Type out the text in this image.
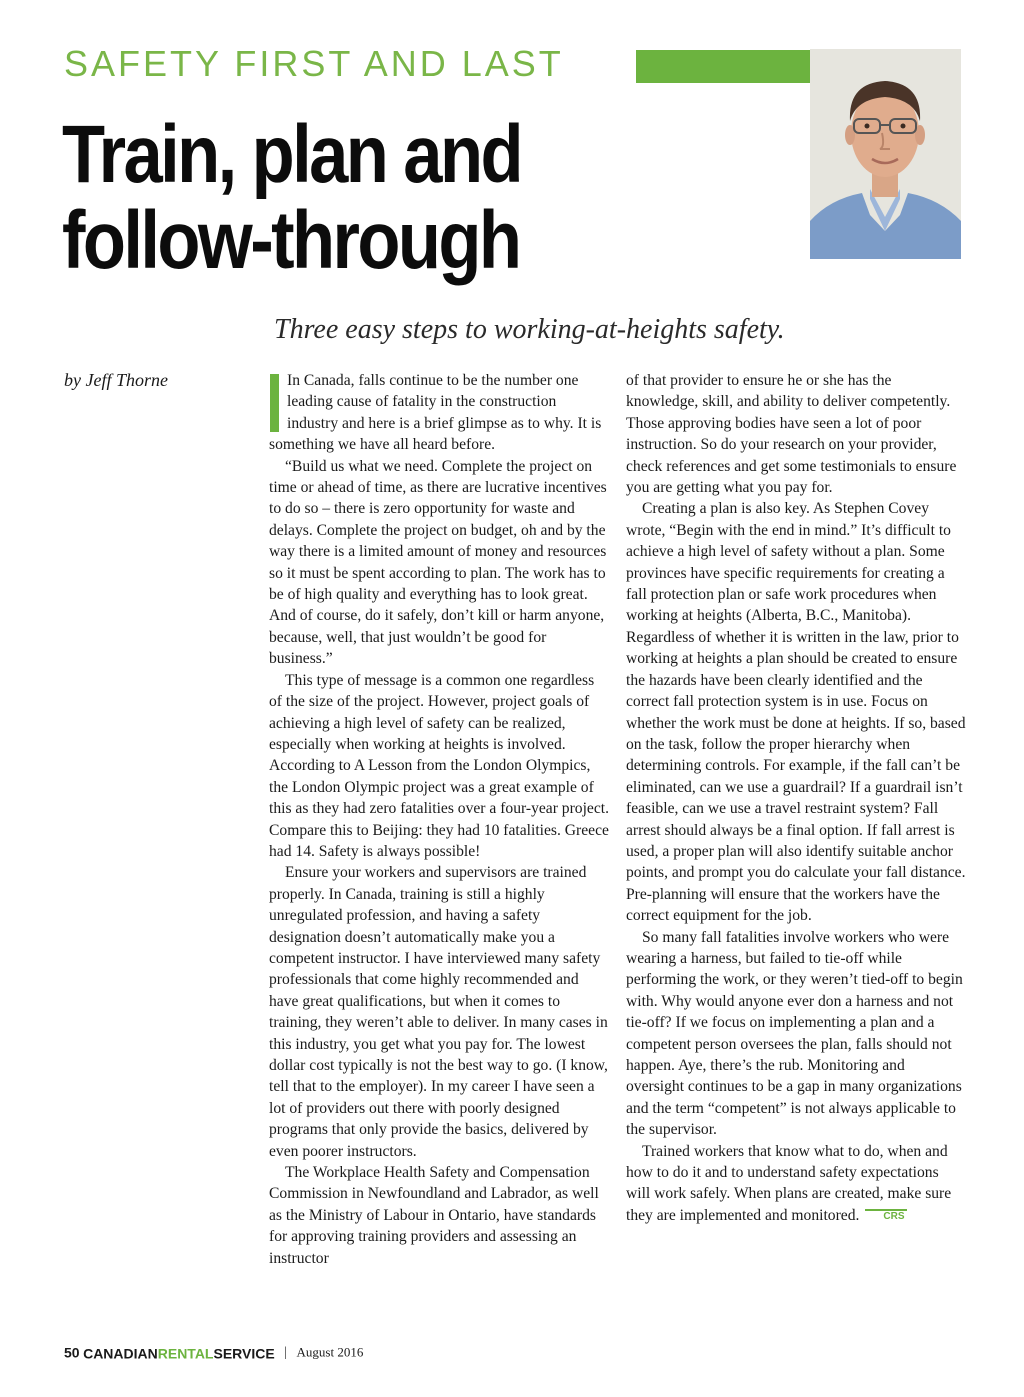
SAFETY FIRST AND LAST
Train, plan and
follow-through
Three easy steps to working-at-heights safety.
by Jeff Thorne	In Canada, falls continue to be the number one leading cause of fatality in the construction industry and here is a brief glimpse as to why. It is something we have all heard before.

“Build us what we need. Complete the project on time or ahead of time, as there are lucrative incentives to do so – there is zero opportunity for waste and delays. Complete the project on budget, oh and by the way there is a limited amount of money and resources so it must be spent according to plan. The work has to be of high quality and everything has to look great. And of course, do it safely, don’t kill or harm anyone, because, well, that just wouldn’t be good for business.”

This type of message is a common one regardless of the size of the project. However, project goals of achieving a high level of safety can be realized, especially when working at heights is involved. According to A Lesson from the London Olympics, the London Olympic project was a great example of this as they had zero fatalities over a four-year project. Compare this to Beijing: they had 10 fatalities. Greece had 14. Safety is always possible!

Ensure your workers and supervisors are trained properly. In Canada, training is still a highly unregulated profession, and having a safety designation doesn’t automatically make you a competent instructor. I have interviewed many safety professionals that come highly recommended and have great qualifications, but when it comes to training, they weren’t able to deliver. In many cases in this industry, you get what you pay for. The lowest dollar cost typically is not the best way to go. (I know, tell that to the employer). In my career I have seen a lot of providers out there with poorly designed programs that only provide the basics, delivered by even poorer instructors.

The Workplace Health Safety and Compensation Commission in Newfoundland and Labrador, as well as the Ministry of Labour in Ontario, have standards for approving training providers and assessing an instructor

of that provider to ensure he or she has the knowledge, skill, and ability to deliver competently. Those approving bodies have seen a lot of poor instruction. So do your research on your provider, check references and get some testimonials to ensure you are getting what you pay for.

Creating a plan is also key. As Stephen Covey wrote, “Begin with the end in mind.” It’s difficult to achieve a high level of safety without a plan. Some provinces have specific requirements for creating a fall protection plan or safe work procedures when working at heights (Alberta, B.C., Manitoba). Regardless of whether it is written in the law, prior to working at heights a plan should be created to ensure the hazards have been clearly identified and the correct fall protection system is in use. Focus on whether the work must be done at heights. If so, based on the task, follow the proper hierarchy when determining controls. For example, if the fall can’t be eliminated, can we use a guardrail? If a guardrail isn’t feasible, can we use a travel restraint system? Fall arrest should always be a final option. If fall arrest is used, a proper plan will also identify suitable anchor points, and prompt you do calculate your fall distance. Pre-planning will ensure that the workers have the correct equipment for the job.

So many fall fatalities involve workers who were wearing a harness, but failed to tie-off while performing the work, or they weren’t tied-off to begin with. Why would anyone ever don a harness and not tie-off? If we focus on implementing a plan and a competent person oversees the plan, falls should not happen. Aye, there’s the rub. Monitoring and oversight continues to be a gap in many organizations and the term “competent” is not always applicable to the supervisor.

Trained workers that know what to do, when and how to do it and to understand safety expectations will work safely. When plans are created, make sure they are implemented and monitored. CRS

50 CANADIANRENTALSERVICE | August 2016
